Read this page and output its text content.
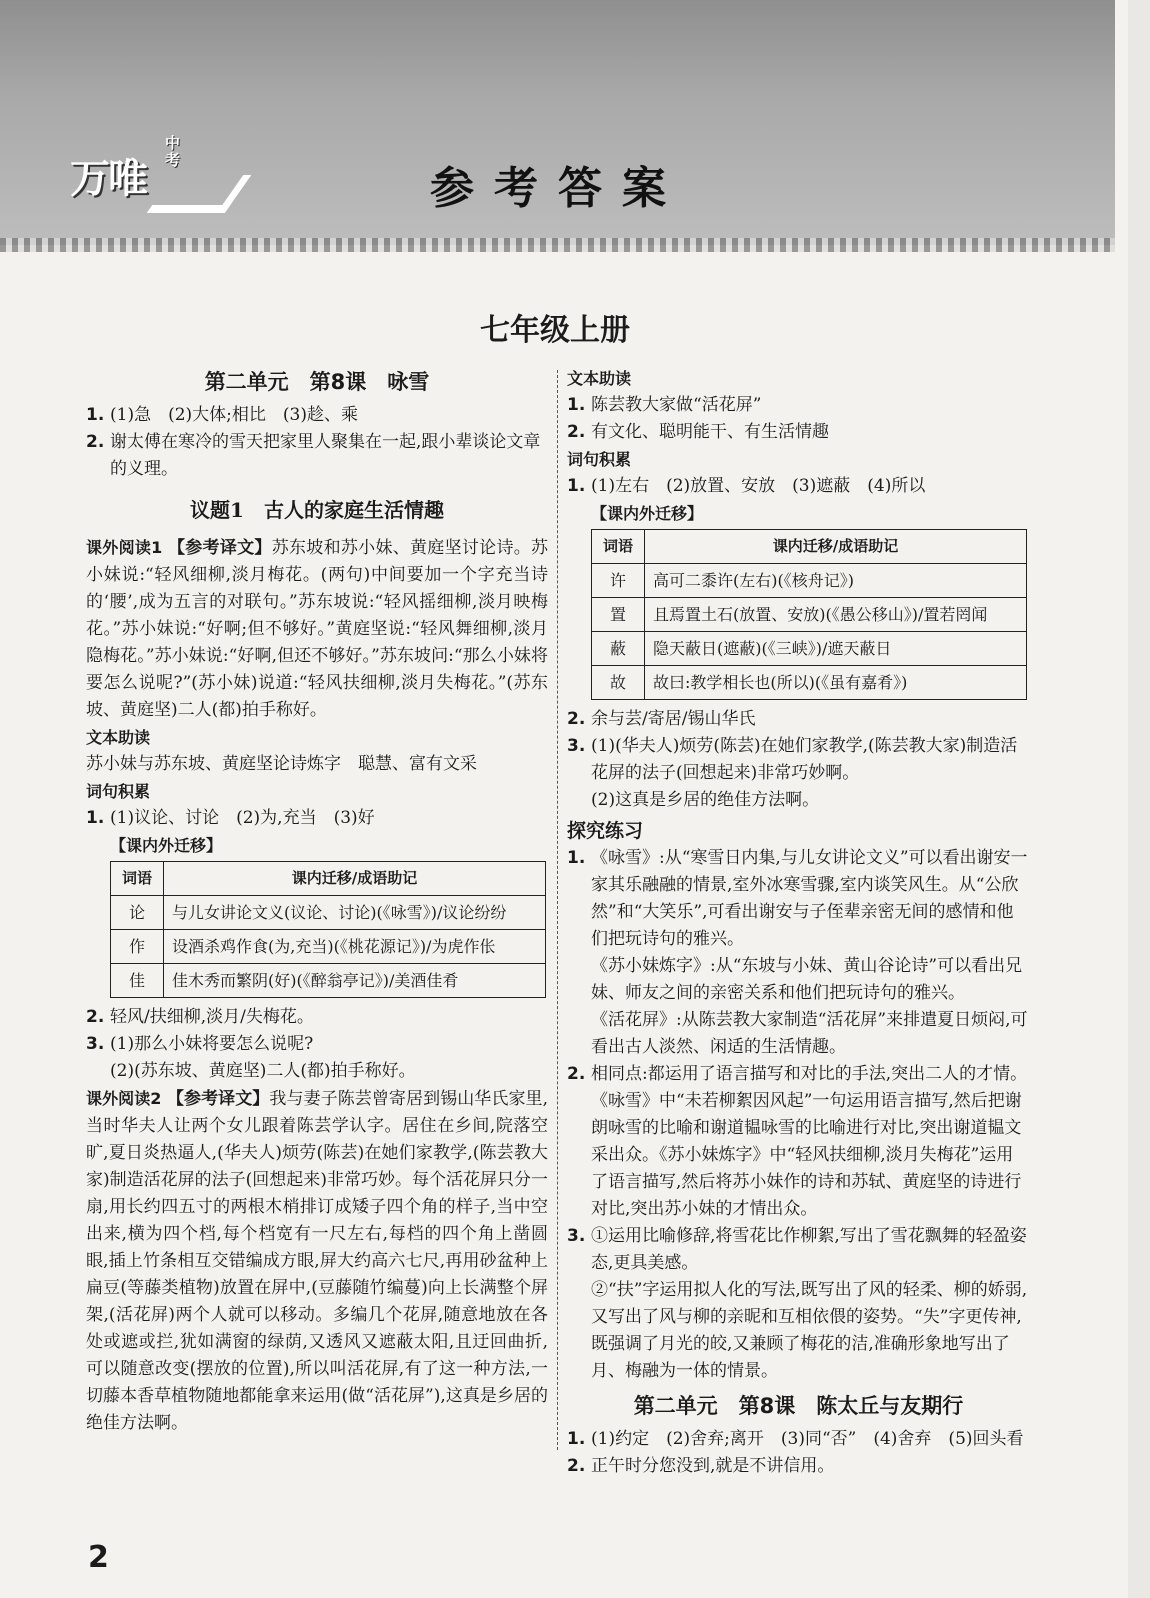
万唯
中考
参考答案
七年级上册
第二单元　第8课　咏雪
1. (1)急　(2)大体;相比　(3)趁、乘
2. 谢太傅在寒冷的雪天把家里人聚集在一起,跟小辈谈论文章的义理。
议题1　古人的家庭生活情趣
课外阅读1 【参考译文】苏东坡和苏小妹、黄庭坚讨论诗。苏小妹说:“轻风细柳,淡月梅花。(两句)中间要加一个字充当诗的‘腰’,成为五言的对联句。”苏东坡说:“轻风摇细柳,淡月映梅花。”苏小妹说:“好啊;但不够好。”黄庭坚说:“轻风舞细柳,淡月隐梅花。”苏小妹说:“好啊,但还不够好。”苏东坡问:“那么小妹将要怎么说呢?”(苏小妹)说道:“轻风扶细柳,淡月失梅花。”(苏东坡、黄庭坚)二人(都)拍手称好。
文本助读
苏小妹与苏东坡、黄庭坚论诗炼字　聪慧、富有文采
词句积累
1. (1)议论、讨论　(2)为,充当　(3)好
【课内外迁移】
词语	课内迁移/成语助记
论	与儿女讲论文义(议论、讨论)(《咏雪》)/议论纷纷
作	设酒杀鸡作食(为,充当)(《桃花源记》)/为虎作伥
佳	佳木秀而繁阴(好)(《醉翁亭记》)/美酒佳肴
2. 轻风/扶细柳,淡月/失梅花。
3. (1)那么小妹将要怎么说呢?
(2)(苏东坡、黄庭坚)二人(都)拍手称好。
课外阅读2 【参考译文】我与妻子陈芸曾寄居到锡山华氏家里,当时华夫人让两个女儿跟着陈芸学认字。居住在乡间,院落空旷,夏日炎热逼人,(华夫人)烦劳(陈芸)在她们家教学,(陈芸教大家)制造活花屏的法子(回想起来)非常巧妙。每个活花屏只分一扇,用长约四五寸的两根木梢排订成矮子四个角的样子,当中空出来,横为四个档,每个档宽有一尺左右,每档的四个角上凿圆眼,插上竹条相互交错编成方眼,屏大约高六七尺,再用砂盆种上扁豆(等藤类植物)放置在屏中,(豆藤随竹编蔓)向上长满整个屏架,(活花屏)两个人就可以移动。多编几个花屏,随意地放在各处或遮或拦,犹如满窗的绿荫,又透风又遮蔽太阳,且迂回曲折,可以随意改变(摆放的位置),所以叫活花屏,有了这一种方法,一切藤本香草植物随地都能拿来运用(做“活花屏”),这真是乡居的绝佳方法啊。
文本助读
1. 陈芸教大家做“活花屏”
2. 有文化、聪明能干、有生活情趣
词句积累
1. (1)左右　(2)放置、安放　(3)遮蔽　(4)所以
【课内外迁移】
词语	课内迁移/成语助记
许	高可二黍许(左右)(《核舟记》)
置	且焉置土石(放置、安放)(《愚公移山》)/置若罔闻
蔽	隐天蔽日(遮蔽)(《三峡》)/遮天蔽日
故	故曰:教学相长也(所以)(《虽有嘉肴》)
2. 余与芸/寄居/锡山华氏
3. (1)(华夫人)烦劳(陈芸)在她们家教学,(陈芸教大家)制造活花屏的法子(回想起来)非常巧妙啊。
(2)这真是乡居的绝佳方法啊。
探究练习
1. 《咏雪》:从“寒雪日内集,与儿女讲论文义”可以看出谢安一家其乐融融的情景,室外冰寒雪骤,室内谈笑风生。从“公欣然”和“大笑乐”,可看出谢安与子侄辈亲密无间的感情和他们把玩诗句的雅兴。
《苏小妹炼字》:从“东坡与小妹、黄山谷论诗”可以看出兄妹、师友之间的亲密关系和他们把玩诗句的雅兴。
《活花屏》:从陈芸教大家制造“活花屏”来排遣夏日烦闷,可看出古人淡然、闲适的生活情趣。
2. 相同点:都运用了语言描写和对比的手法,突出二人的才情。《咏雪》中“未若柳絮因风起”一句运用语言描写,然后把谢朗咏雪的比喻和谢道韫咏雪的比喻进行对比,突出谢道韫文采出众。《苏小妹炼字》中“轻风扶细柳,淡月失梅花”运用了语言描写,然后将苏小妹作的诗和苏轼、黄庭坚的诗进行对比,突出苏小妹的才情出众。
3. ①运用比喻修辞,将雪花比作柳絮,写出了雪花飘舞的轻盈姿态,更具美感。
②“扶”字运用拟人化的写法,既写出了风的轻柔、柳的娇弱,又写出了风与柳的亲昵和互相依偎的姿势。“失”字更传神,既强调了月光的皎,又兼顾了梅花的洁,准确形象地写出了月、梅融为一体的情景。
第二单元　第8课　陈太丘与友期行
1. (1)约定　(2)舍弃;离开　(3)同“否”　(4)舍弃　(5)回头看
2. 正午时分您没到,就是不讲信用。
2
